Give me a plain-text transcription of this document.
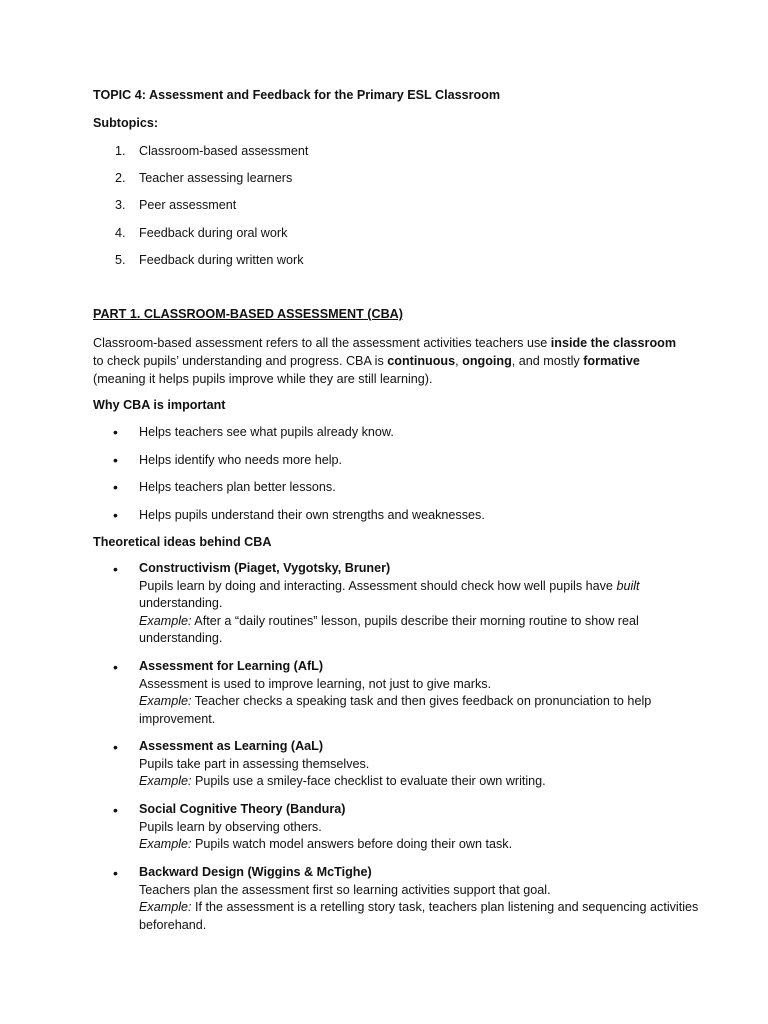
TOPIC 4: Assessment and Feedback for the Primary ESL Classroom
Subtopics:
1. Classroom-based assessment
2. Teacher assessing learners
3. Peer assessment
4. Feedback during oral work
5. Feedback during written work
PART 1. CLASSROOM-BASED ASSESSMENT (CBA)
Classroom-based assessment refers to all the assessment activities teachers use inside the classroom to check pupils’ understanding and progress. CBA is continuous, ongoing, and mostly formative (meaning it helps pupils improve while they are still learning).
Why CBA is important
• Helps teachers see what pupils already know.
• Helps identify who needs more help.
• Helps teachers plan better lessons.
• Helps pupils understand their own strengths and weaknesses.
Theoretical ideas behind CBA
• Constructivism (Piaget, Vygotsky, Bruner)
Pupils learn by doing and interacting. Assessment should check how well pupils have built understanding.
Example: After a “daily routines” lesson, pupils describe their morning routine to show real understanding.
• Assessment for Learning (AfL)
Assessment is used to improve learning, not just to give marks.
Example: Teacher checks a speaking task and then gives feedback on pronunciation to help improvement.
• Assessment as Learning (AaL)
Pupils take part in assessing themselves.
Example: Pupils use a smiley-face checklist to evaluate their own writing.
• Social Cognitive Theory (Bandura)
Pupils learn by observing others.
Example: Pupils watch model answers before doing their own task.
• Backward Design (Wiggins & McTighe)
Teachers plan the assessment first so learning activities support that goal.
Example: If the assessment is a retelling story task, teachers plan listening and sequencing activities beforehand.
